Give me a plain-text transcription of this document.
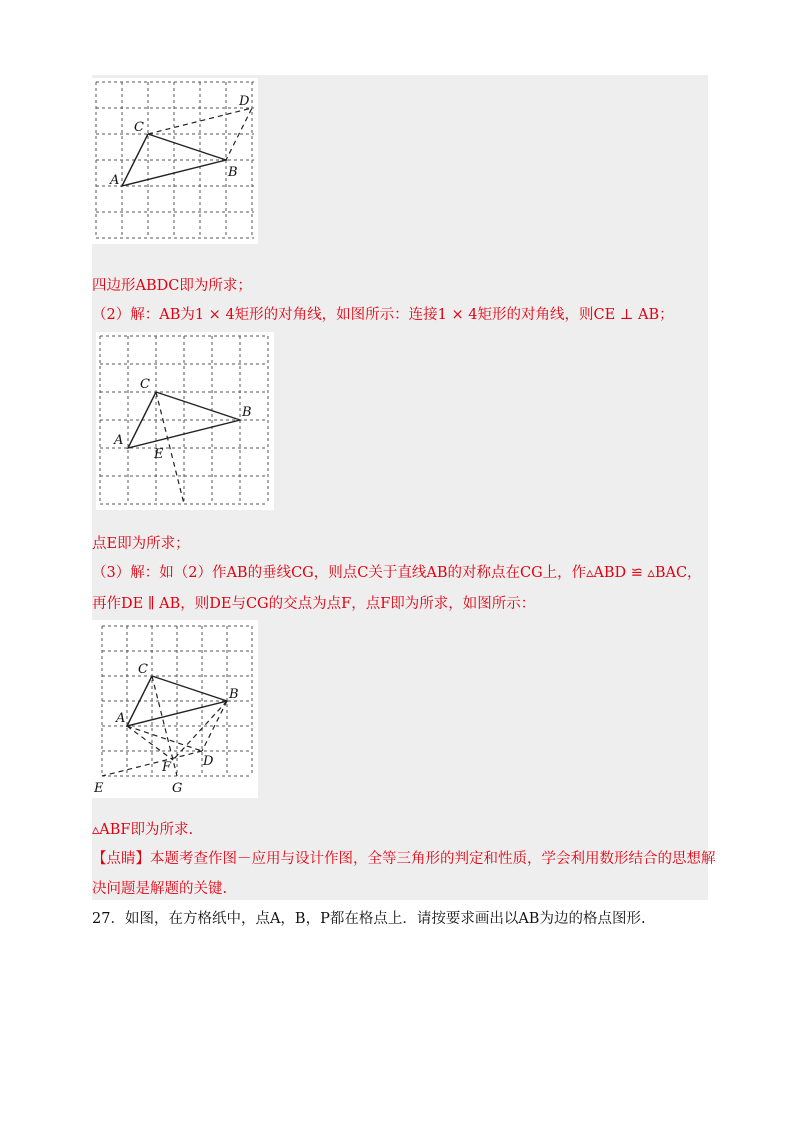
C
A
B
D
四边形ABDC即为所求；
（2）解：AB为1 × 4矩形的对角线，如图所示：连接1 × 4矩形的对角线，则CE ⊥ AB；
C
A
B
E
点E即为所求；
（3）解：如（2）作AB的垂线CG，则点C关于直线AB的对称点在CG上，作▵ABD ≌ ▵BAC，
再作DE ∥ AB，则DE与CG的交点为点F，点F即为所求，如图所示：
C
A
B
D
F
E	G
▵ABF即为所求.
【点睛】本题考查作图－应用与设计作图，全等三角形的判定和性质，学会利用数形结合的思想解
决问题是解题的关键.
27．如图，在方格纸中，点A，B，P都在格点上．请按要求画出以AB为边的格点图形.
